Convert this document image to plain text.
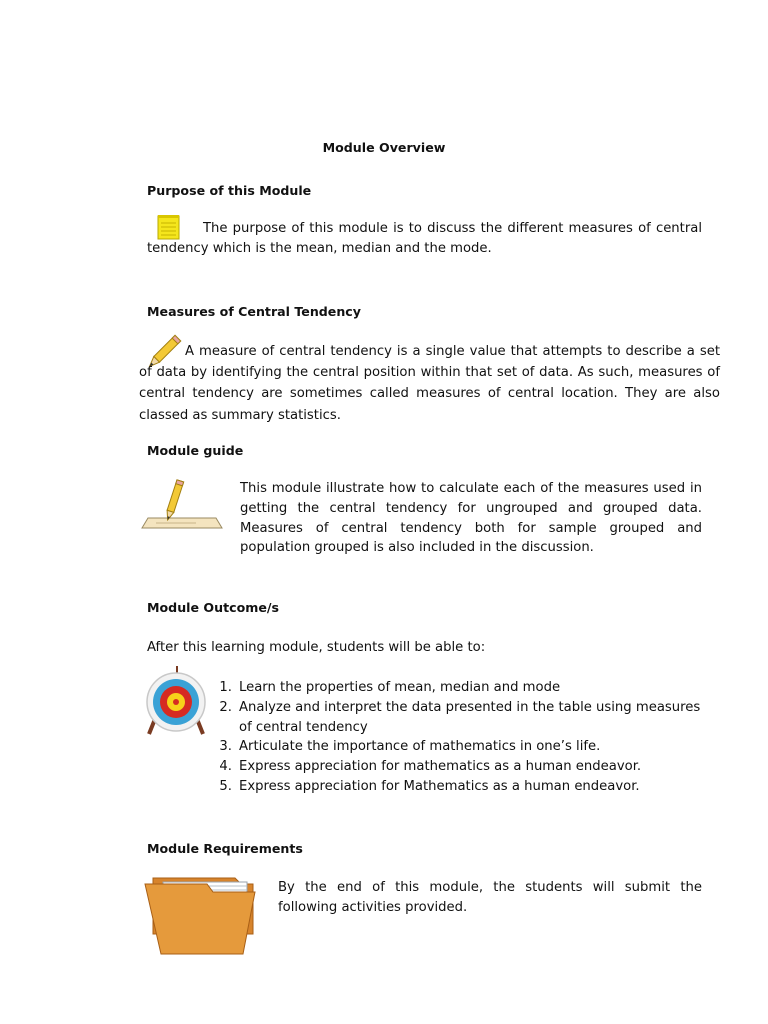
Module Overview
Purpose of this Module

The purpose of this module is to discuss the different measures of central tendency which is the mean, median and the mode.

Measures of Central Tendency

A measure of central tendency is a single value that attempts to describe a set of data by identifying the central position within that set of data. As such, measures of central tendency are sometimes called measures of central location. They are also classed as summary statistics.

Module guide

This module illustrate how to calculate each of the measures used in getting the central tendency for ungrouped and grouped data. Measures of central tendency both for sample grouped and population grouped is also included in the discussion.

Module Outcome/s
After this learning module, students will be able to:
1. Learn the properties of mean, median and mode
2. Analyze and interpret the data presented in the table using measures of central tendency
3. Articulate the importance of mathematics in one’s life.
4. Express appreciation for mathematics as a human endeavor.
5. Express appreciation for Mathematics as a human endeavor.
Module Requirements

By the end of this module, the students will submit the following activities provided.
